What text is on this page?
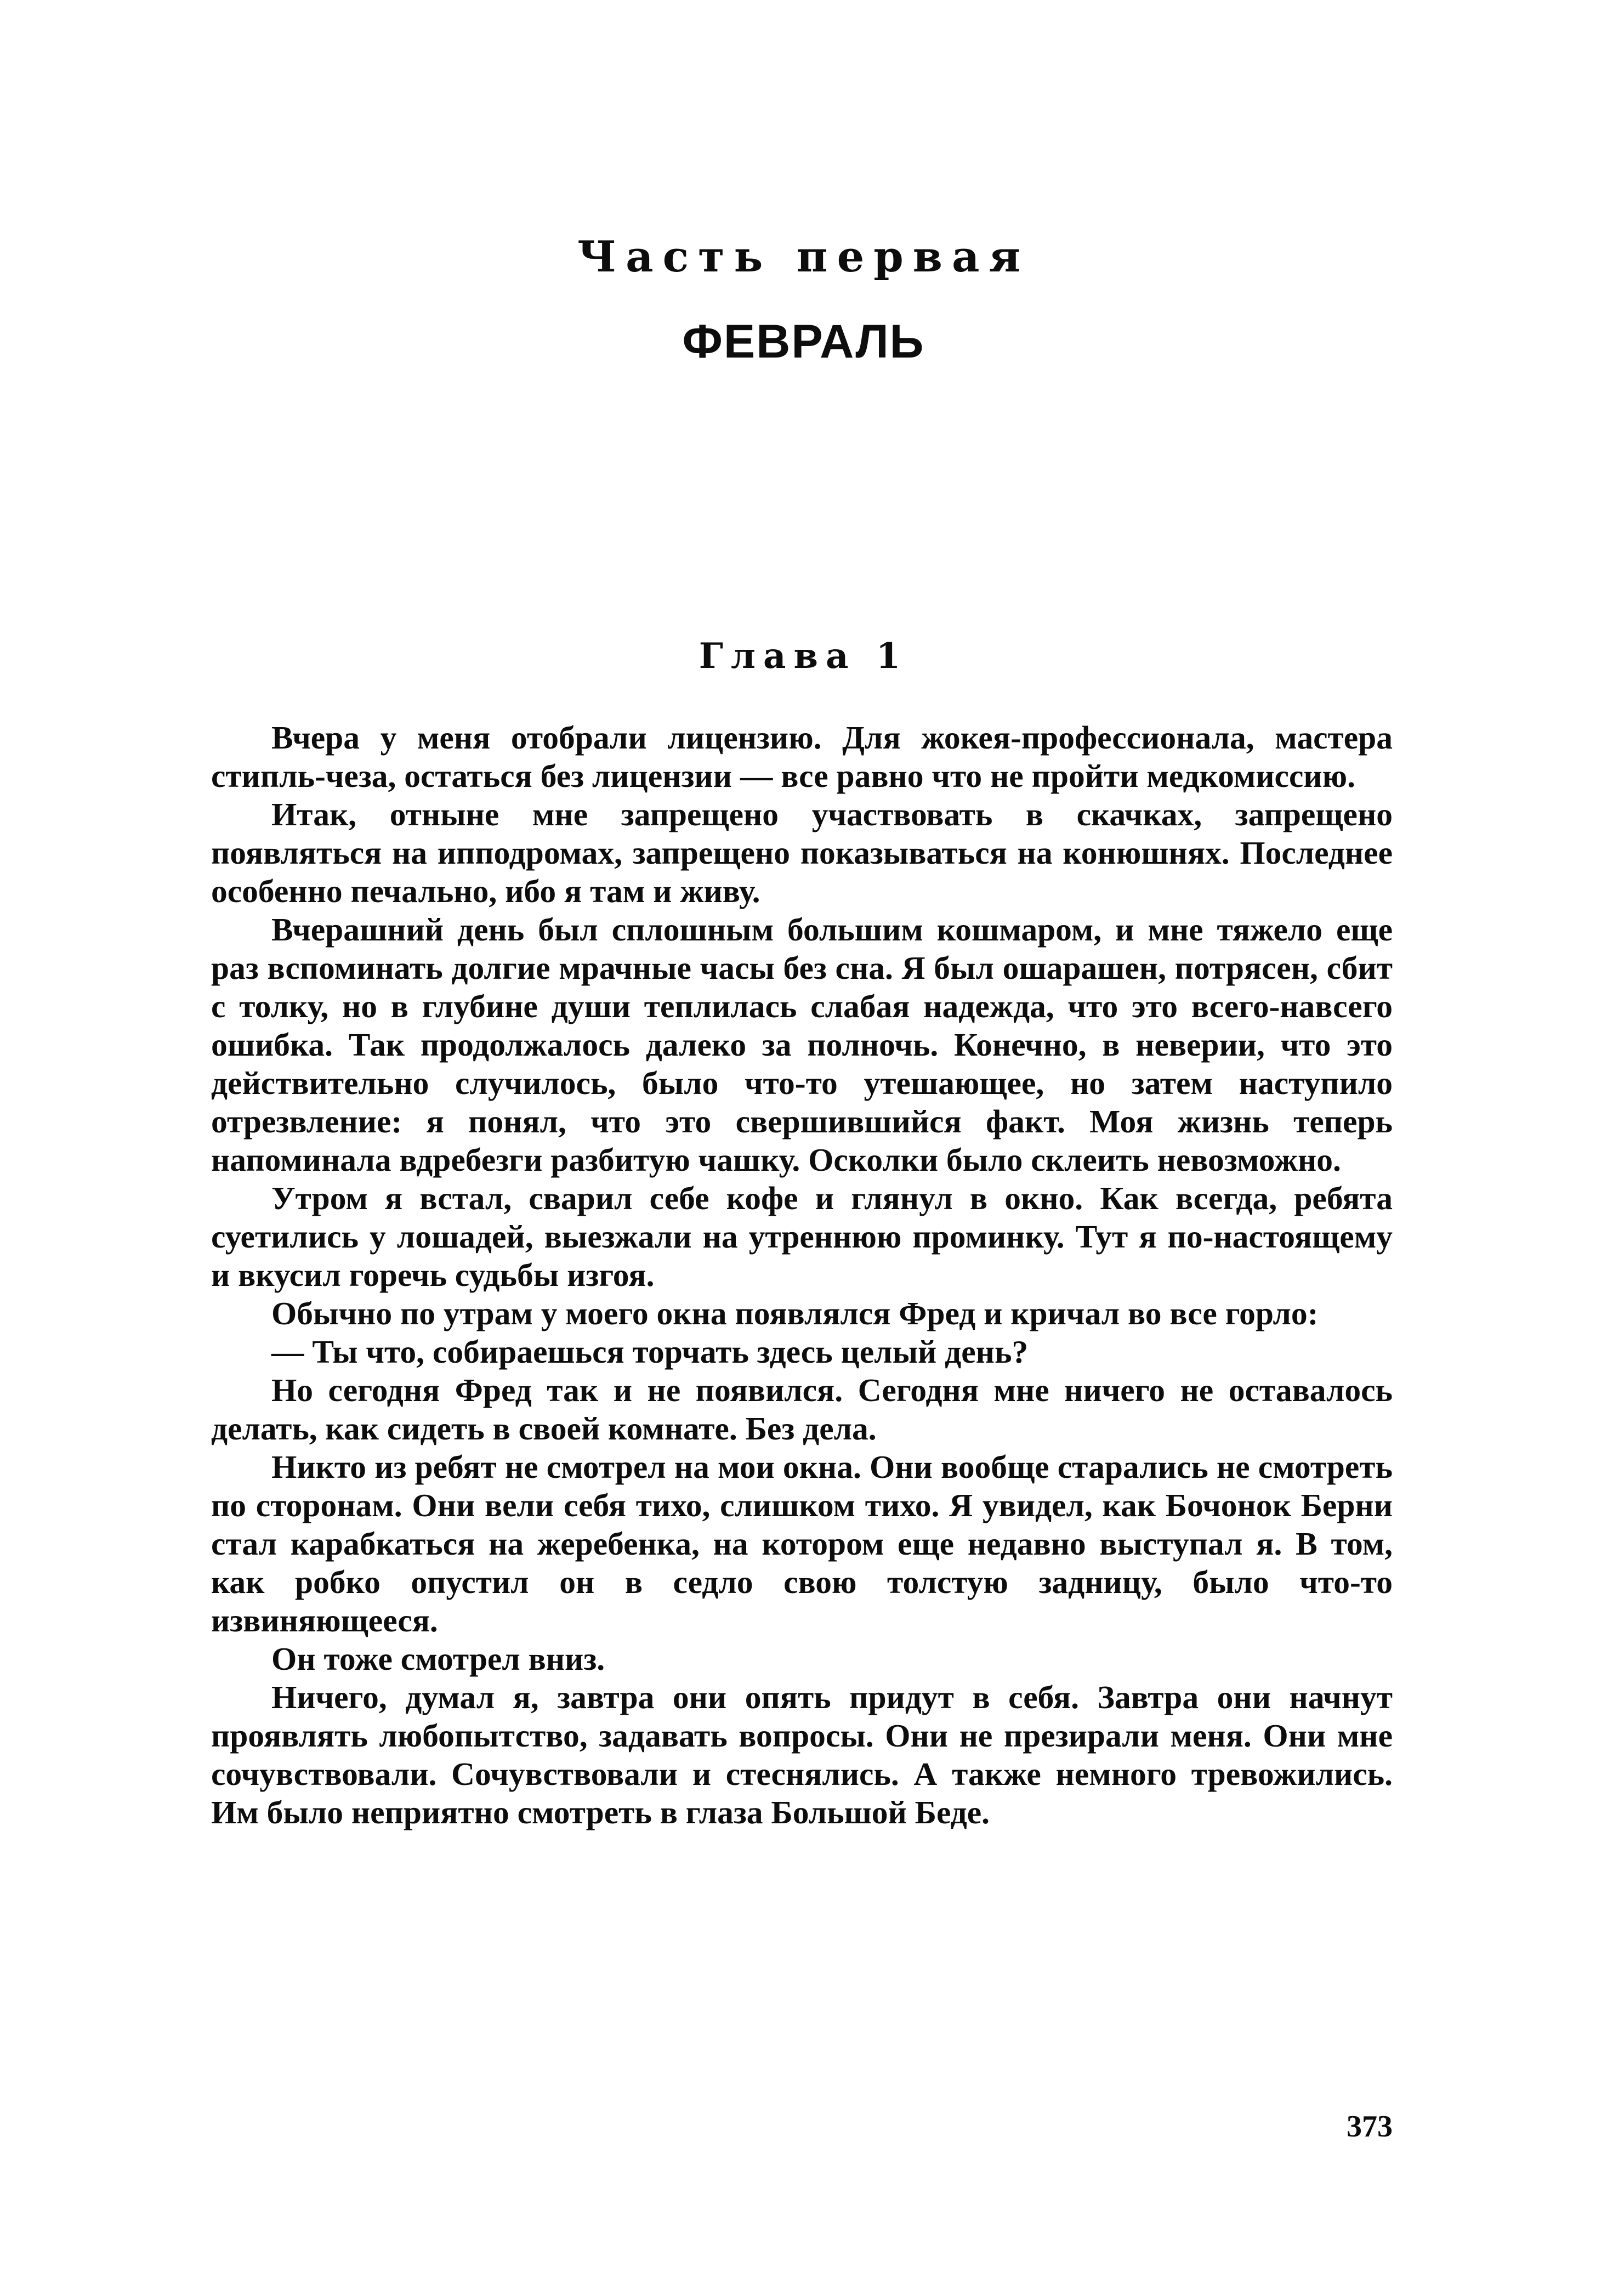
Часть первая
ФЕВРАЛЬ
Глава 1

Вчера у меня отобрали лицензию. Для жокея-профессионала, мастера стипль-чеза, остаться без лицензии — все равно что не пройти медкомиссию.

Итак, отныне мне запрещено участвовать в скачках, запрещено появляться на ипподромах, запрещено показываться на конюшнях. Последнее особенно печально, ибо я там и живу.

Вчерашний день был сплошным большим кошмаром, и мне тяжело еще раз вспоминать долгие мрачные часы без сна. Я был ошарашен, потрясен, сбит с толку, но в глубине души теплилась слабая надежда, что это всего-навсего ошибка. Так продолжалось далеко за полночь. Конечно, в неверии, что это действительно случилось, было что-то утешающее, но затем наступило отрезвление: я понял, что это свершившийся факт. Моя жизнь теперь напоминала вдребезги разбитую чашку. Осколки было склеить невозможно.

Утром я встал, сварил себе кофе и глянул в окно. Как всегда, ребята суетились у лошадей, выезжали на утреннюю проминку. Тут я по-настоящему и вкусил горечь судьбы изгоя.

Обычно по утрам у моего окна появлялся Фред и кричал во все горло:

— Ты что, собираешься торчать здесь целый день?

Но сегодня Фред так и не появился. Сегодня мне ничего не оставалось делать, как сидеть в своей комнате. Без дела.

Никто из ребят не смотрел на мои окна. Они вообще старались не смотреть по сторонам. Они вели себя тихо, слишком тихо. Я увидел, как Бочонок Берни стал карабкаться на жеребенка, на котором еще недавно выступал я. В том, как робко опустил он в седло свою толстую задницу, было что-то извиняющееся.

Он тоже смотрел вниз.

Ничего, думал я, завтра они опять придут в себя. Завтра они начнут проявлять любопытство, задавать вопросы. Они не презирали меня. Они мне сочувствовали. Сочувствовали и стеснялись. А также немного тревожились. Им было неприятно смотреть в глаза Большой Беде.

373
